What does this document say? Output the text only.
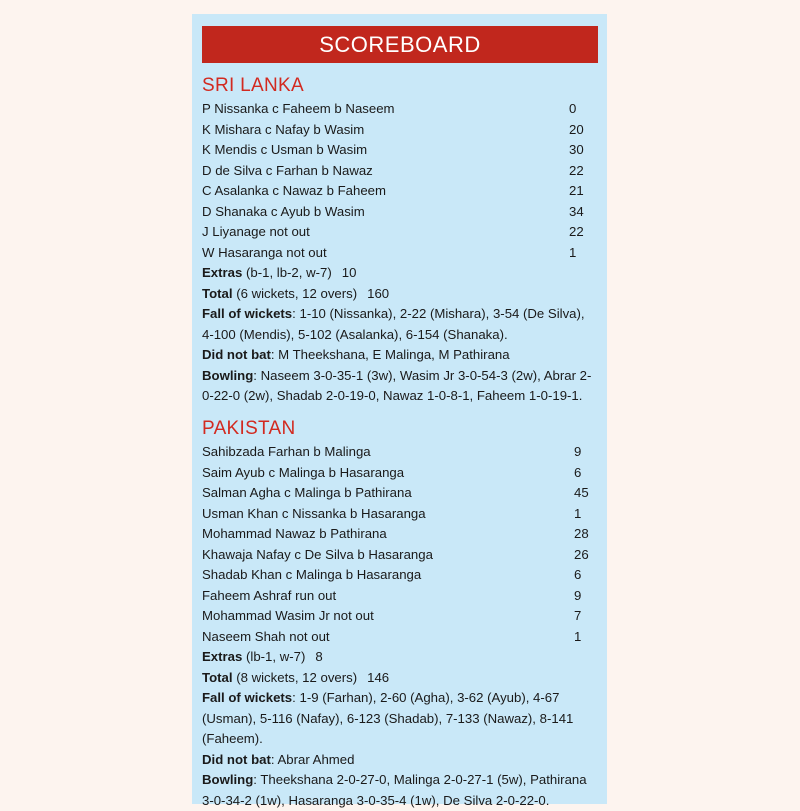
SCOREBOARD
SRI LANKA
P Nissanka c Faheem b Naseem	0
K Mishara c Nafay b Wasim	20
K Mendis c Usman b Wasim	30
D de Silva c Farhan b Nawaz	22
C Asalanka c Nawaz b Faheem	21
D Shanaka c Ayub b Wasim	34
J Liyanage not out	22
W Hasaranga not out	1
Extras (b-1, lb-2, w-7) 10
Total (6 wickets, 12 overs) 160
Fall of wickets: 1-10 (Nissanka), 2-22 (Mishara), 3-54 (De Silva), 4-100 (Mendis), 5-102 (Asalanka), 6-154 (Shanaka).
Did not bat: M Theekshana, E Malinga, M Pathirana
Bowling: Naseem 3-0-35-1 (3w), Wasim Jr 3-0-54-3 (2w), Abrar 2-0-22-0 (2w), Shadab 2-0-19-0, Nawaz 1-0-8-1, Faheem 1-0-19-1.
PAKISTAN
Sahibzada Farhan b Malinga	9
Saim Ayub c Malinga b Hasaranga	6
Salman Agha c Malinga b Pathirana	45
Usman Khan c Nissanka b Hasaranga	1
Mohammad Nawaz b Pathirana	28
Khawaja Nafay c De Silva b Hasaranga	26
Shadab Khan c Malinga b Hasaranga	6
Faheem Ashraf run out	9
Mohammad Wasim Jr not out	7
Naseem Shah not out	1
Extras (lb-1, w-7) 8
Total (8 wickets, 12 overs) 146
Fall of wickets: 1-9 (Farhan), 2-60 (Agha), 3-62 (Ayub), 4-67 (Usman), 5-116 (Nafay), 6-123 (Shadab), 7-133 (Nawaz), 8-141 (Faheem).
Did not bat: Abrar Ahmed
Bowling: Theekshana 2-0-27-0, Malinga 2-0-27-1 (5w), Pathirana 3-0-34-2 (1w), Hasaranga 3-0-35-4 (1w), De Silva 2-0-22-0.
